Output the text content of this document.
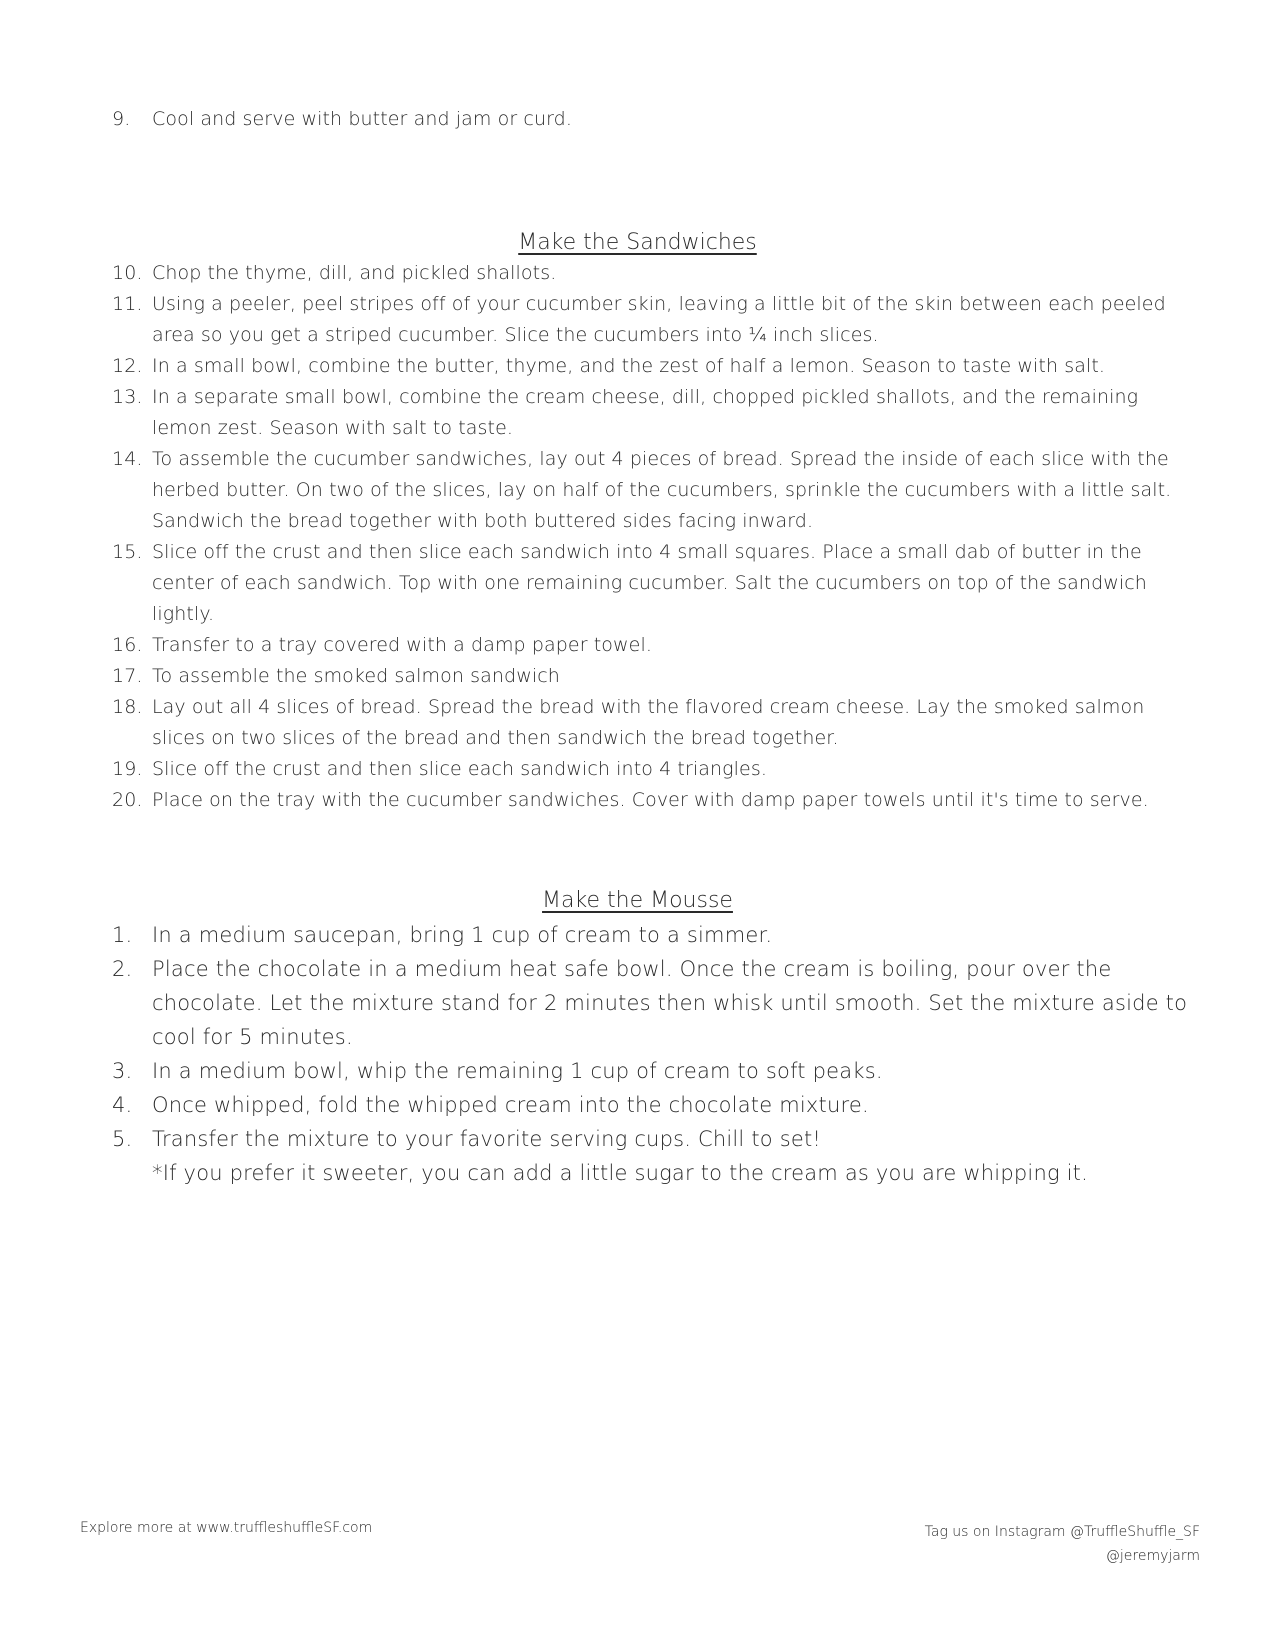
9. Cool and serve with butter and jam or curd.
Make the Sandwiches
10. Chop the thyme, dill, and pickled shallots.
11. Using a peeler, peel stripes off of your cucumber skin, leaving a little bit of the skin between each peeled area so you get a striped cucumber. Slice the cucumbers into ¼ inch slices.
12. In a small bowl, combine the butter, thyme, and the zest of half a lemon. Season to taste with salt.
13. In a separate small bowl, combine the cream cheese, dill, chopped pickled shallots, and the remaining lemon zest. Season with salt to taste.
14. To assemble the cucumber sandwiches, lay out 4 pieces of bread. Spread the inside of each slice with the herbed butter. On two of the slices, lay on half of the cucumbers, sprinkle the cucumbers with a little salt. Sandwich the bread together with both buttered sides facing inward.
15. Slice off the crust and then slice each sandwich into 4 small squares. Place a small dab of butter in the center of each sandwich. Top with one remaining cucumber. Salt the cucumbers on top of the sandwich lightly.
16. Transfer to a tray covered with a damp paper towel.
17. To assemble the smoked salmon sandwich
18. Lay out all 4 slices of bread. Spread the bread with the flavored cream cheese. Lay the smoked salmon slices on two slices of the bread and then sandwich the bread together.
19. Slice off the crust and then slice each sandwich into 4 triangles.
20. Place on the tray with the cucumber sandwiches. Cover with damp paper towels until it's time to serve.
Make the Mousse
1. In a medium saucepan, bring 1 cup of cream to a simmer.
2. Place the chocolate in a medium heat safe bowl. Once the cream is boiling, pour over the chocolate. Let the mixture stand for 2 minutes then whisk until smooth. Set the mixture aside to cool for 5 minutes.
3. In a medium bowl, whip the remaining 1 cup of cream to soft peaks.
4. Once whipped, fold the whipped cream into the chocolate mixture.
5. Transfer the mixture to your favorite serving cups. Chill to set!
*If you prefer it sweeter, you can add a little sugar to the cream as you are whipping it.
Explore more at www.truffleshuffleSF.com	Tag us on Instagram @TruffleShuffle_SF
@jeremyjarm
